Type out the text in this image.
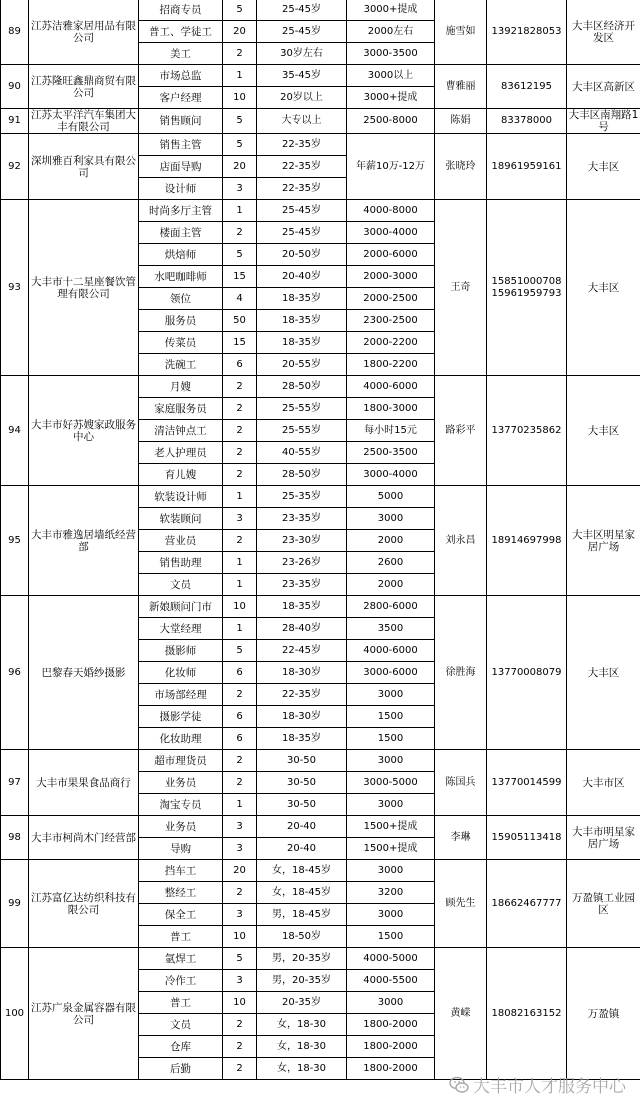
89	江苏洁雅家居用品有限公司	招商专员	5	25-45岁	3000+提成	施雪如	13921828053	大丰区经济开发区
		普工、学徒工	20	25-45岁	2000左右			
		美工	2	30岁左右	3000-3500			
90	江苏隆旺鑫鼎商贸有限公司	市场总监	1	35-45岁	3000以上	曹雅丽	83612195	大丰区高新区
		客户经理	10	20岁以上	3000+提成			
91	江苏太平洋汽车集团大丰有限公司	销售顾问	5	大专以上	2500-8000	陈娟	83378000	大丰区南翔路1号
92	深圳雅百利家具有限公司	销售主管	5	22-35岁	年薪10万-12万	张晓玲	18961959161	大丰区
		店面导购	20	22-35岁				
		设计师	3	22-35岁				
93	大丰市十二星座餐饮管理有限公司	时尚多厅主管	1	25-45岁	4000-8000	王奇	15851000708 15961959793	大丰区
		楼面主管	2	25-45岁	3000-4000			
		烘焙师	5	20-50岁	2000-6000			
		水吧咖啡师	15	20-40岁	2000-3000			
		领位	4	18-35岁	2000-2500			
		服务员	50	18-35岁	2300-2500			
		传菜员	15	18-35岁	2000-2200			
		洗碗工	6	20-55岁	1800-2200			
94	大丰市好苏嫂家政服务中心	月嫂	2	28-50岁	4000-6000	路彩平	13770235862	大丰区
		家庭服务员	2	25-55岁	1800-3000			
		清洁钟点工	2	25-55岁	每小时15元			
		老人护理员	2	40-55岁	2500-3500			
		育儿嫂	2	28-50岁	3000-4000			
95	大丰市雅逸居墙纸经营部	软装设计师	1	25-35岁	5000	刘永昌	18914697998	大丰区明星家居广场
		软装顾问	3	23-35岁	3000			
		营业员	2	23-30岁	2000			
		销售助理	1	23-26岁	2600			
		文员	1	23-35岁	2000			
96	巴黎春天婚纱摄影	新娘顾问门市	10	18-35岁	2800-6000	徐胜海	13770008079	大丰区
		大堂经理	1	28-40岁	3500			
		摄影师	5	22-45岁	4000-6000			
		化妆师	6	18-30岁	3000-6000			
		市场部经理	2	22-35岁	3000			
		摄影学徒	6	18-30岁	1500			
		化妆助理	6	18-35岁	1500			
97	大丰市果果食品商行	超市理货员	2	30-50	3000	陈国兵	13770014599	大丰市区
		业务员	2	30-50	3000-5000			
		淘宝专员	1	30-50	3000			
98	大丰市柯尚木门经营部	业务员	3	20-40	1500+提成	李琳	15905113418	大丰市明星家居广场
		导购	3	20-40	1500+提成			
99	江苏富亿达纺织科技有限公司	挡车工	20	女，18-45岁	3000	顾先生	18662467777	万盈镇工业园区
		整经工	2	女，18-45岁	3200			
		保全工	3	男，18-45岁	3000			
		普工	10	18-50岁	1500			
100	江苏广泉金属容器有限公司	氩焊工	5	男，20-35岁	4000-5000	黄嵘	18082163152	万盈镇
		冷作工	3	男，20-35岁	4000-5500			
		普工	10	20-35岁	3000			
		文员	2	女，18-30	1800-2000			
		仓库	2	女，18-30	1800-2000			
		后勤	2	女，18-30	1800-2000			
大丰市人才服务中心
